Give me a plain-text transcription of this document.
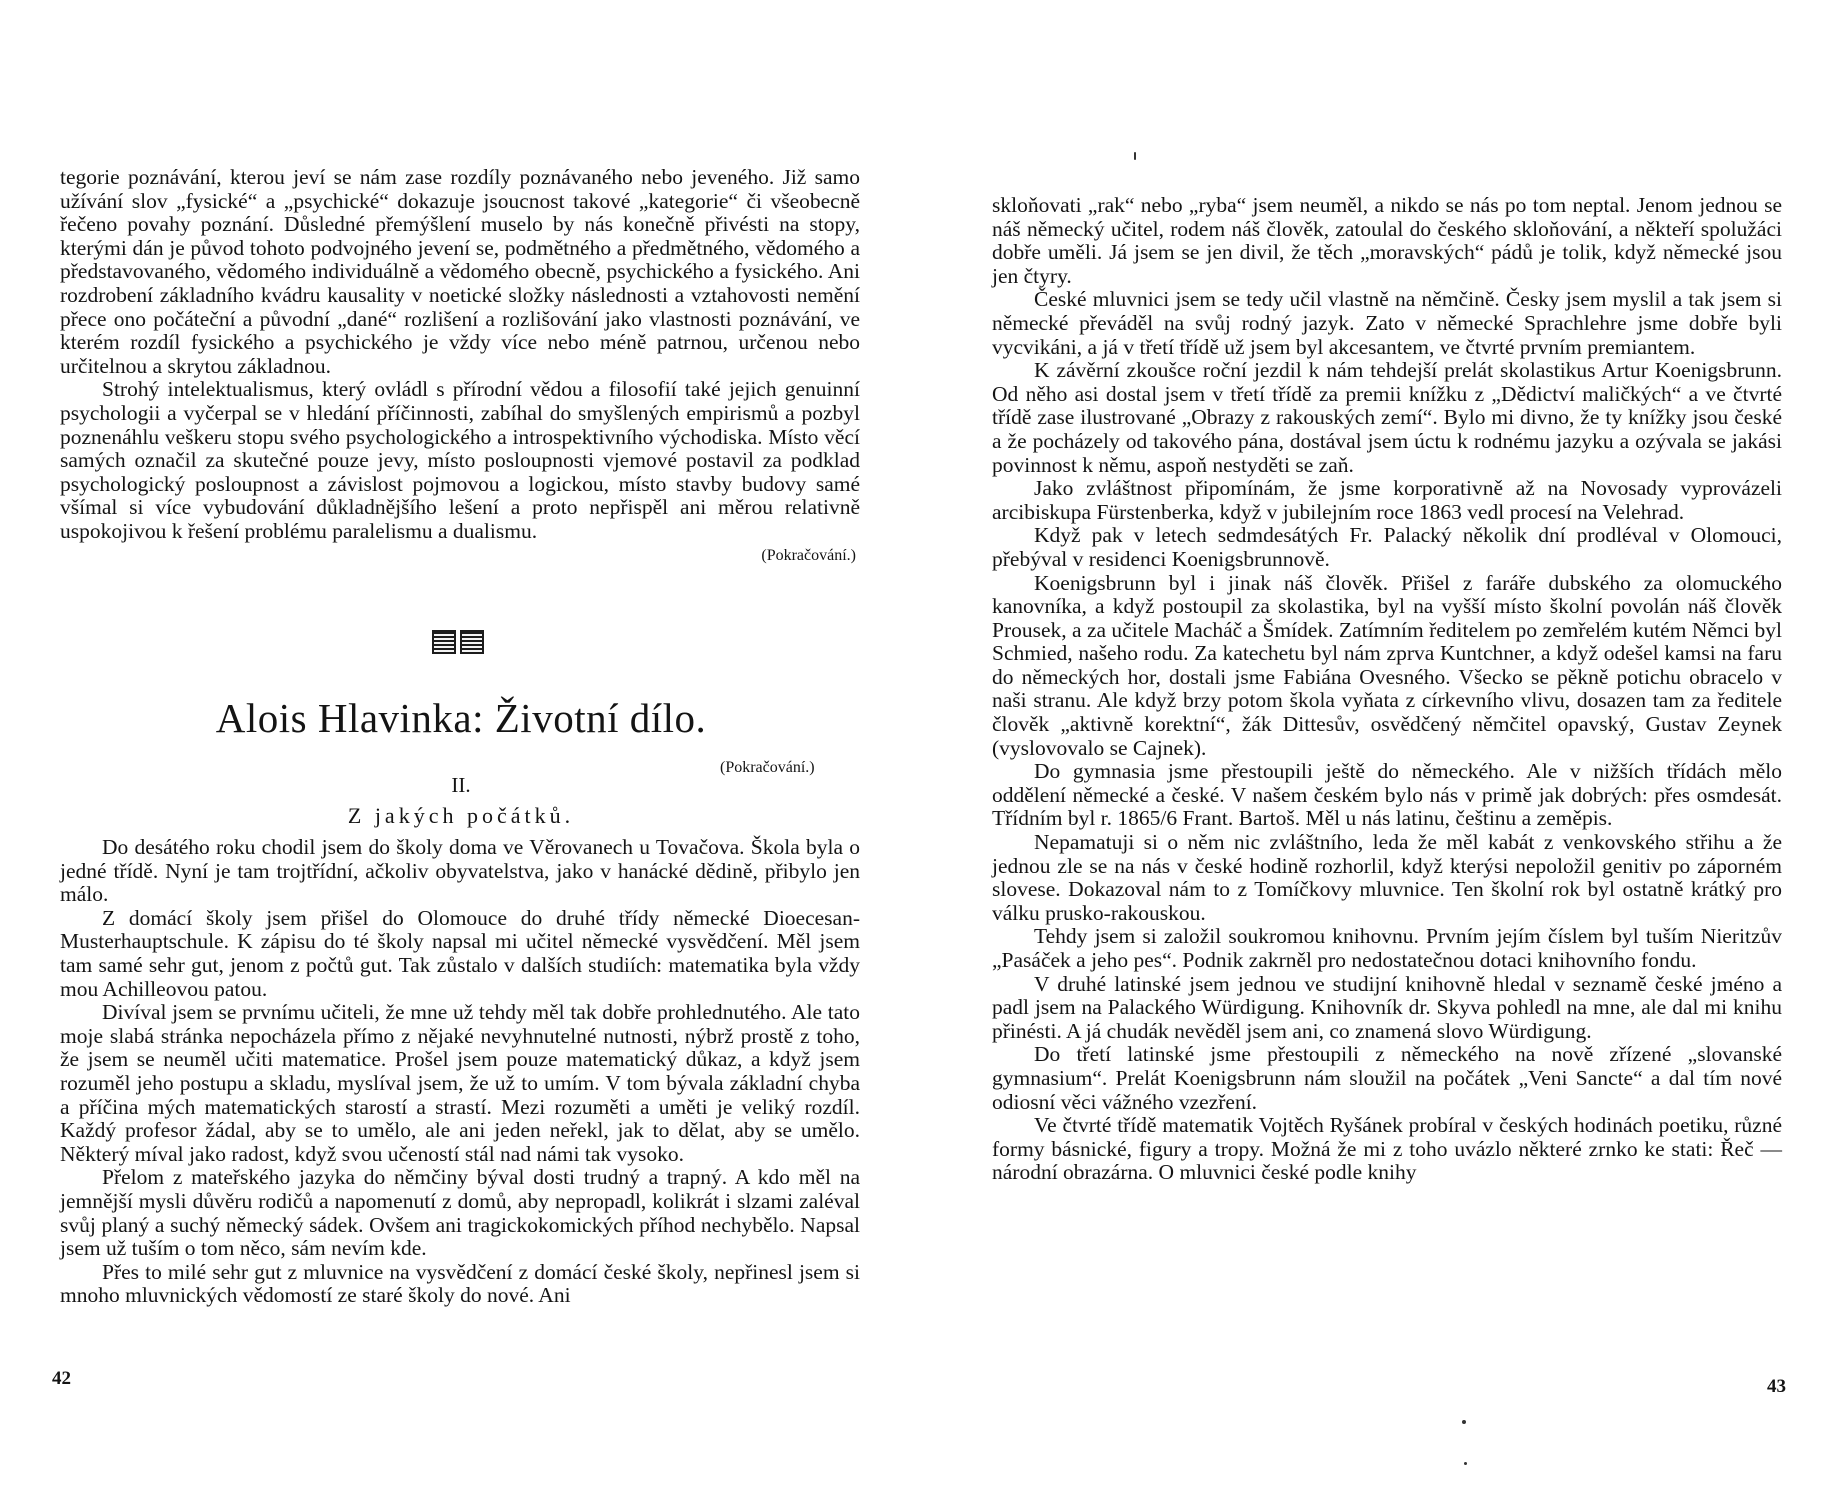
tegorie poznávání, kterou jeví se nám zase rozdíly poznávaného nebo jeveného. Již samo užívání slov „fysické“ a „psychické“ dokazuje jsoucnost takové „kategorie“ či všeobecně řečeno povahy poznání. Důsledné přemýšlení muselo by nás konečně přivésti na stopy, kterými dán je původ tohoto podvojného jevení se, podmětného a předmětného, vědomého a představovaného, vědomého individuálně a vědomého obecně, psychického a fysického. Ani rozdrobení základního kvádru kausality v noetické složky následnosti a vztahovosti nemění přece ono počáteční a původní „dané“ rozlišení a rozlišování jako vlastnosti poznávání, ve kterém rozdíl fysického a psychického je vždy více nebo méně patrnou, určenou nebo určitelnou a skrytou základnou.

Strohý intelektualismus, který ovládl s přírodní vědou a filosofií také jejich genuinní psychologii a vyčerpal se v hledání příčinnosti, zabíhal do smyšlených empirismů a pozbyl poznenáhlu veškeru stopu svého psychologického a introspektivního východiska. Místo věcí samých označil za skutečné pouze jevy, místo posloupnosti vjemové postavil za podklad psychologický posloupnost a závislost pojmovou a logickou, místo stavby budovy samé všímal si více vybudování důkladnějšího lešení a proto nepřispěl ani měrou relativně uspokojivou k řešení problému paralelismu a dualismu.

(Pokračování.)
Alois Hlavinka: Životní dílo.
(Pokračování.)
II.
Z jakých počátků.

Do desátého roku chodil jsem do školy doma ve Věrovanech u Tovačova. Škola byla o jedné třídě. Nyní je tam trojtřídní, ačkoliv obyvatelstva, jako v hanácké dědině, přibylo jen málo.

Z domácí školy jsem přišel do Olomouce do druhé třídy německé Dioecesan-Musterhauptschule. K zápisu do té školy napsal mi učitel německé vysvědčení. Měl jsem tam samé sehr gut, jenom z počtů gut. Tak zůstalo v dalších studiích: matematika byla vždy mou Achilleovou patou.

Divíval jsem se prvnímu učiteli, že mne už tehdy měl tak dobře prohlednutého. Ale tato moje slabá stránka nepocházela přímo z nějaké nevyhnutelné nutnosti, nýbrž prostě z toho, že jsem se neuměl učiti matematice. Prošel jsem pouze matematický důkaz, a když jsem rozuměl jeho postupu a skladu, myslíval jsem, že už to umím. V tom bývala základní chyba a příčina mých matematických starostí a strastí. Mezi rozuměti a uměti je veliký rozdíl. Každý profesor žádal, aby se to umělo, ale ani jeden neřekl, jak to dělat, aby se umělo. Některý míval jako radost, když svou učeností stál nad námi tak vysoko.

Přelom z mateřského jazyka do němčiny býval dosti trudný a trapný. A kdo měl na jemnější mysli důvěru rodičů a napomenutí z domů, aby nepropadl, kolikrát i slzami zaléval svůj planý a suchý německý sádek. Ovšem ani tragickokomických příhod nechybělo. Napsal jsem už tuším o tom něco, sám nevím kde.

Přes to milé sehr gut z mluvnice na vysvědčení z domácí české školy, nepřinesl jsem si mnoho mluvnických vědomostí ze staré školy do nové. Ani

42

skloňovati „rak“ nebo „ryba“ jsem neuměl, a nikdo se nás po tom neptal. Jenom jednou se náš německý učitel, rodem náš člověk, zatoulal do českého skloňování, a někteří spolužáci dobře uměli. Já jsem se jen divil, že těch „moravských“ pádů je tolik, když německé jsou jen čtyry.

České mluvnici jsem se tedy učil vlastně na němčině. Česky jsem myslil a tak jsem si německé převáděl na svůj rodný jazyk. Zato v německé Sprachlehre jsme dobře byli vycvikáni, a já v třetí třídě už jsem byl akcesantem, ve čtvrté prvním premiantem.

K závěrní zkoušce roční jezdil k nám tehdejší prelát skolastikus Artur Koenigsbrunn. Od něho asi dostal jsem v třetí třídě za premii knížku z „Dědictví maličkých“ a ve čtvrté třídě zase ilustrované „Obrazy z rakouských zemí“. Bylo mi divno, že ty knížky jsou české a že pocházely od takového pána, dostával jsem úctu k rodnému jazyku a ozývala se jakási povinnost k němu, aspoň nestyděti se zaň.

Jako zvláštnost připomínám, že jsme korporativně až na Novosady vyprovázeli arcibiskupa Fürstenberka, když v jubilejním roce 1863 vedl procesí na Velehrad.

Když pak v letech sedmdesátých Fr. Palacký několik dní prodléval v Olomouci, přebýval v residenci Koenigsbrunnově.

Koenigsbrunn byl i jinak náš člověk. Přišel z faráře dubského za olomuckého kanovníka, a když postoupil za skolastika, byl na vyšší místo školní povolán náš člověk Prousek, a za učitele Macháč a Šmídek. Zatímním ředitelem po zemřelém kutém Němci byl Schmied, našeho rodu. Za katechetu byl nám zprva Kuntchner, a když odešel kamsi na faru do německých hor, dostali jsme Fabiána Ovesného. Všecko se pěkně potichu obracelo v naši stranu. Ale když brzy potom škola vyňata z církevního vlivu, dosazen tam za ředitele člověk „aktivně korektní“, žák Dittesův, osvědčený němčitel opavský, Gustav Zeynek (vyslovovalo se Cajnek).

Do gymnasia jsme přestoupili ještě do německého. Ale v nižších třídách mělo oddělení německé a české. V našem českém bylo nás v primě jak dobrých: přes osmdesát. Třídním byl r. 1865/6 Frant. Bartoš. Měl u nás latinu, češtinu a zeměpis.

Nepamatuji si o něm nic zvláštního, leda že měl kabát z venkovského střihu a že jednou zle se na nás v české hodině rozhorlil, když kterýsi nepoložil genitiv po záporném slovese. Dokazoval nám to z Tomíčkovy mluvnice. Ten školní rok byl ostatně krátký pro válku prusko-rakouskou.

Tehdy jsem si založil soukromou knihovnu. Prvním jejím číslem byl tuším Nieritzův „Pasáček a jeho pes“. Podnik zakrněl pro nedostatečnou dotaci knihovního fondu.

V druhé latinské jsem jednou ve studijní knihovně hledal v seznamě české jméno a padl jsem na Palackého Würdigung. Knihovník dr. Skyva pohledl na mne, ale dal mi knihu přinésti. A já chudák nevěděl jsem ani, co znamená slovo Würdigung.

Do třetí latinské jsme přestoupili z německého na nově zřízené „slovanské gymnasium“. Prelát Koenigsbrunn nám sloužil na počátek „Veni Sancte“ a dal tím nové odiosní věci vážného vzezření.

Ve čtvrté třídě matematik Vojtěch Ryšánek probíral v českých hodinách poetiku, různé formy básnické, figury a tropy. Možná že mi z toho uvázlo některé zrnko ke stati: Řeč — národní obrazárna. O mluvnici české podle knihy

43
